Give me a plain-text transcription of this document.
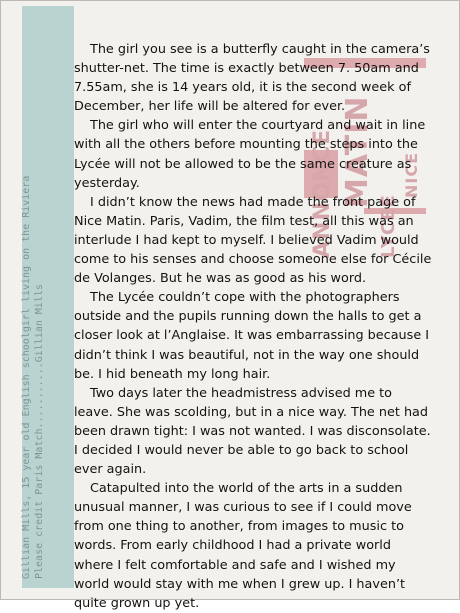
Gillian Mills, 15 year old English schoolgirl living on the Riviera Please credit Paris Match...........Gillian Mills
ANNONCE MATIN
LYCEE
NICE

The girl you see is a butterfly caught in the camera’s shutter-net. The time is exactly between 7. 50am and 7.55am, she is 14 years old, it is the second week of December, her life will be altered for ever.

The girl who will enter the courtyard and wait in line with all the others before mounting the steps into the Lycée will not be allowed to be the same creature as yesterday.

I didn’t know the news had made the front page of Nice Matin. Paris, Vadim, the film test, all this was an interlude I had kept to myself. I believed Vadim would come to his senses and choose someone else for Cécile de Volanges. But he was as good as his word.

The Lycée couldn’t cope with the photographers outside and the pupils running down the halls to get a closer look at l’Anglaise. It was embarrassing because I didn’t think I was beautiful, not in the way one should be. I hid beneath my long hair.

Two days later the headmistress advised me to leave. She was scolding, but in a nice way. The net had been drawn tight: I was not wanted. I was disconsolate.

I decided I would never be able to go back to school ever again.

Catapulted into the world of the arts in a sudden unusual manner, I was curious to see if I could move from one thing to another, from images to music to words. From early childhood I had a private world where I felt comfortable and safe and I wished my world would stay with me when I grew up. I haven’t quite grown up yet.
